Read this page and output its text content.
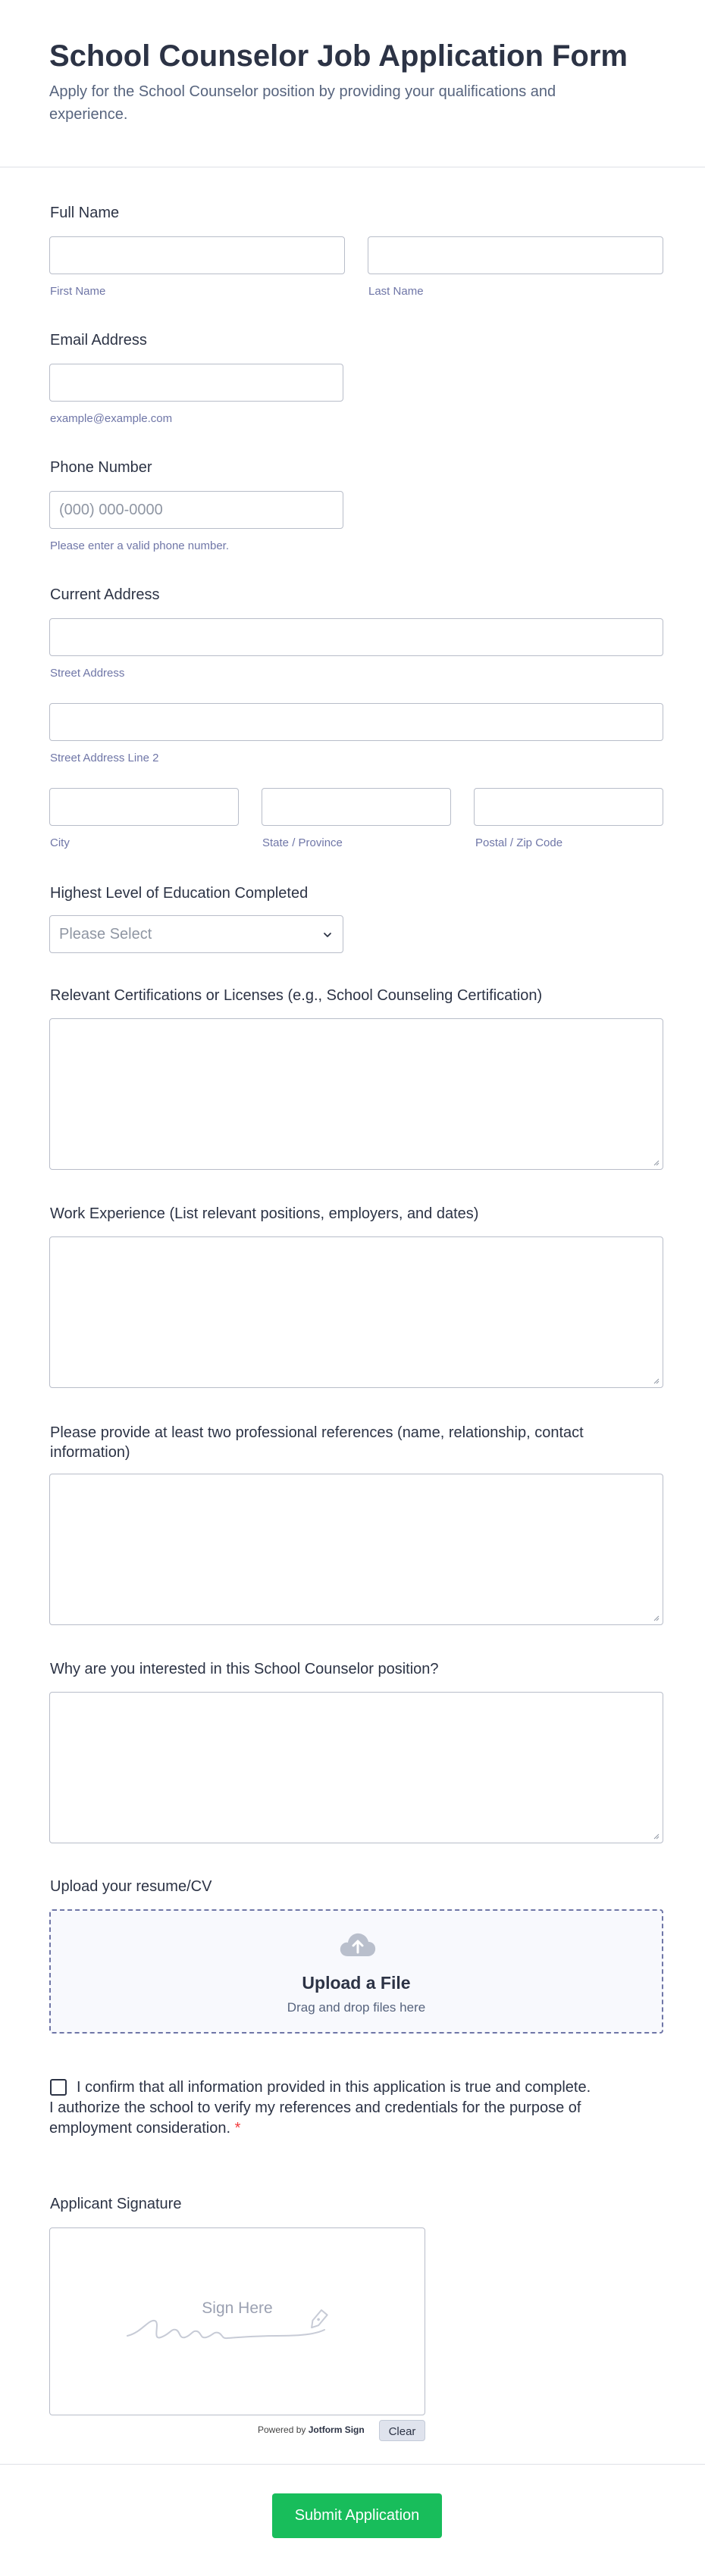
School Counselor Job Application Form
Apply for the School Counselor position by providing your qualifications and experience.
Full Name
First Name	Last Name
Email Address
example@example.com
Phone Number
(000) 000-0000
Please enter a valid phone number.
Current Address
Street Address
Street Address Line 2
City	State / Province	Postal / Zip Code
Highest Level of Education Completed
Please Select
Relevant Certifications or Licenses (e.g., School Counseling Certification)
Work Experience (List relevant positions, employers, and dates)
Please provide at least two professional references (name, relationship, contact information)
Why are you interested in this School Counselor position?
Upload your resume/CV
Upload a File
Drag and drop files here
I confirm that all information provided in this application is true and complete. I authorize the school to verify my references and credentials for the purpose of employment consideration. *
Applicant Signature
Sign Here
Powered by Jotform Sign	Clear
Submit Application
